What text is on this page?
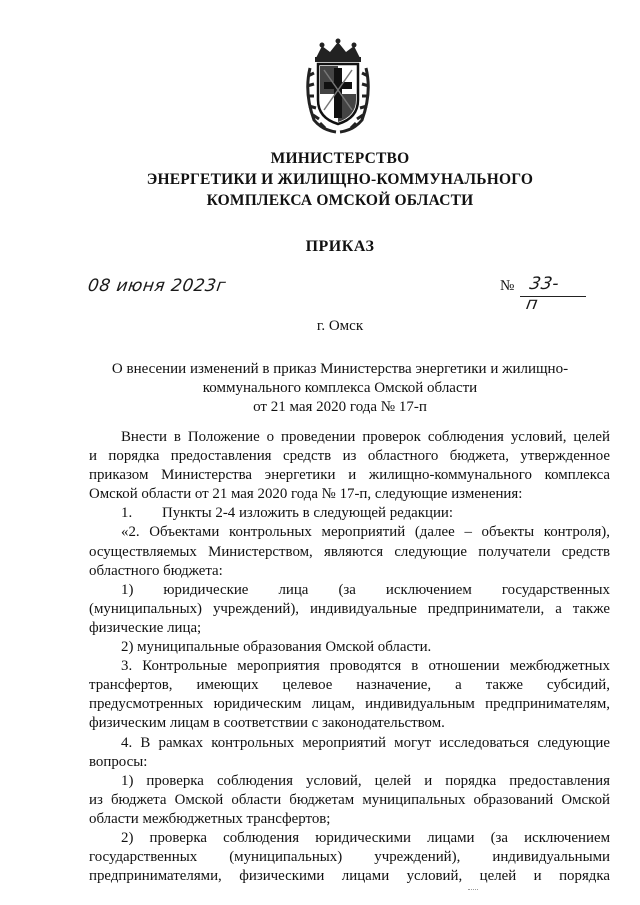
МИНИСТЕРСТВО
ЭНЕРГЕТИКИ И ЖИЛИЩНО-КОММУНАЛЬНОГО
КОМПЛЕКСА ОМСКОЙ ОБЛАСТИ
ПРИКАЗ
08 июня 2023г	№ 33-п
г. Омск
О внесении изменений в приказ Министерства энергетики и жилищно-
коммунального комплекса Омской области
от 21 мая 2020 года № 17-п

Внести в Положение о проведении проверок соблюдения условий, целей

и порядка предоставления средств из областного бюджета, утвержденное

приказом Министерства энергетики и жилищно-коммунального комплекса

Омской области от 21 мая 2020 года № 17-п, следующие изменения:

1.        Пункты 2-4 изложить в следующей редакции:

«2. Объектами контрольных мероприятий (далее – объекты контроля),

осуществляемых Министерством, являются следующие получатели средств

областного бюджета:

1) юридические лица (за исключением государственных

(муниципальных) учреждений), индивидуальные предприниматели, а также

физические лица;

2) муниципальные образования Омской области.

3. Контрольные мероприятия проводятся в отношении межбюджетных

трансфертов, имеющих целевое назначение, а также субсидий,

предусмотренных юридическим лицам, индивидуальным предпринимателям,

физическим лицам в соответствии с законодательством.

4. В рамках контрольных мероприятий могут исследоваться следующие

вопросы:

1) проверка соблюдения условий, целей и порядка предоставления

из бюджета Омской области бюджетам муниципальных образований Омской

области межбюджетных трансфертов;

2) проверка соблюдения юридическими лицами (за исключением

государственных (муниципальных) учреждений), индивидуальными

предпринимателями, физическими лицами условий, целей и порядка
